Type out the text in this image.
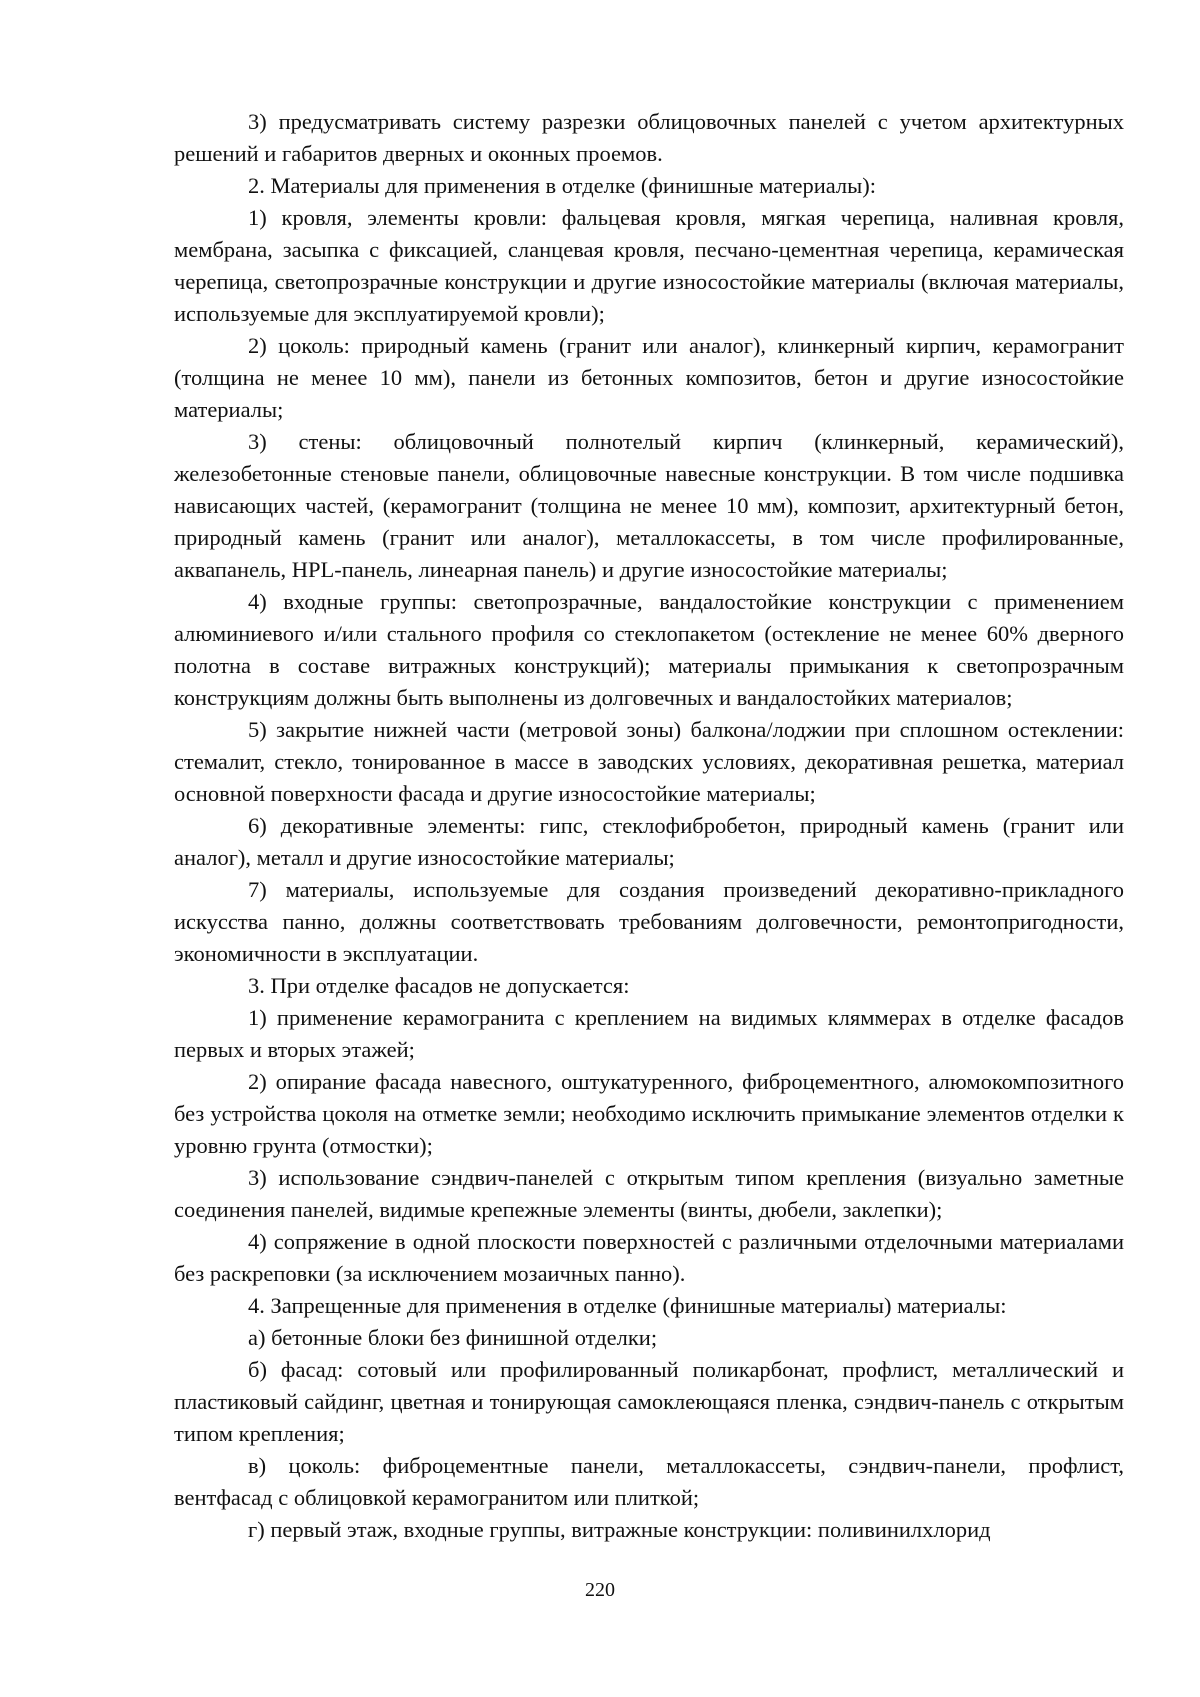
3) предусматривать систему разрезки облицовочных панелей с учетом архитектурных решений и габаритов дверных и оконных проемов.

2. Материалы для применения в отделке (финишные материалы):

1) кровля, элементы кровли: фальцевая кровля, мягкая черепица, наливная кровля, мембрана, засыпка с фиксацией, сланцевая кровля, песчано-цементная черепица, керамическая черепица, светопрозрачные конструкции и другие износостойкие материалы (включая материалы, используемые для эксплуатируемой кровли);

2) цоколь: природный камень (гранит или аналог), клинкерный кирпич, керамогранит (толщина не менее 10 мм), панели из бетонных композитов, бетон и другие износостойкие материалы;

3) стены: облицовочный полнотелый кирпич (клинкерный, керамический), железобетонные стеновые панели, облицовочные навесные конструкции. В том числе подшивка нависающих частей, (керамогранит (толщина не менее 10 мм), композит, архитектурный бетон, природный камень (гранит или аналог), металлокассеты, в том числе профилированные, аквапанель, HPL-панель, линеарная панель) и другие износостойкие материалы;

4) входные группы: светопрозрачные, вандалостойкие конструкции с применением алюминиевого и/или стального профиля со стеклопакетом (остекление не менее 60% дверного полотна в составе витражных конструкций); материалы примыкания к светопрозрачным конструкциям должны быть выполнены из долговечных и вандалостойких материалов;

5) закрытие нижней части (метровой зоны) балкона/лоджии при сплошном остеклении: стемалит, стекло, тонированное в массе в заводских условиях, декоративная решетка, материал основной поверхности фасада и другие износостойкие материалы;

6) декоративные элементы: гипс, стеклофибробетон, природный камень (гранит или аналог), металл и другие износостойкие материалы;

7) материалы, используемые для создания произведений декоративно-прикладного искусства панно, должны соответствовать требованиям долговечности, ремонтопригодности, экономичности в эксплуатации.

3. При отделке фасадов не допускается:

1) применение керамогранита с креплением на видимых кляммерах в отделке фасадов первых и вторых этажей;

2) опирание фасада навесного, оштукатуренного, фиброцементного, алюмокомпозитного без устройства цоколя на отметке земли; необходимо исключить примыкание элементов отделки к уровню грунта (отмостки);

3) использование сэндвич-панелей с открытым типом крепления (визуально заметные соединения панелей, видимые крепежные элементы (винты, дюбели, заклепки);

4) сопряжение в одной плоскости поверхностей с различными отделочными материалами без раскреповки (за исключением мозаичных панно).

4. Запрещенные для применения в отделке (финишные материалы) материалы:

а) бетонные блоки без финишной отделки;

б) фасад: сотовый или профилированный поликарбонат, профлист, металлический и пластиковый сайдинг, цветная и тонирующая самоклеющаяся пленка, сэндвич-панель с открытым типом крепления;

в) цоколь: фиброцементные панели, металлокассеты, сэндвич-панели, профлист, вентфасад с облицовкой керамогранитом или плиткой;

г) первый этаж, входные группы, витражные конструкции: поливинилхлорид

220
